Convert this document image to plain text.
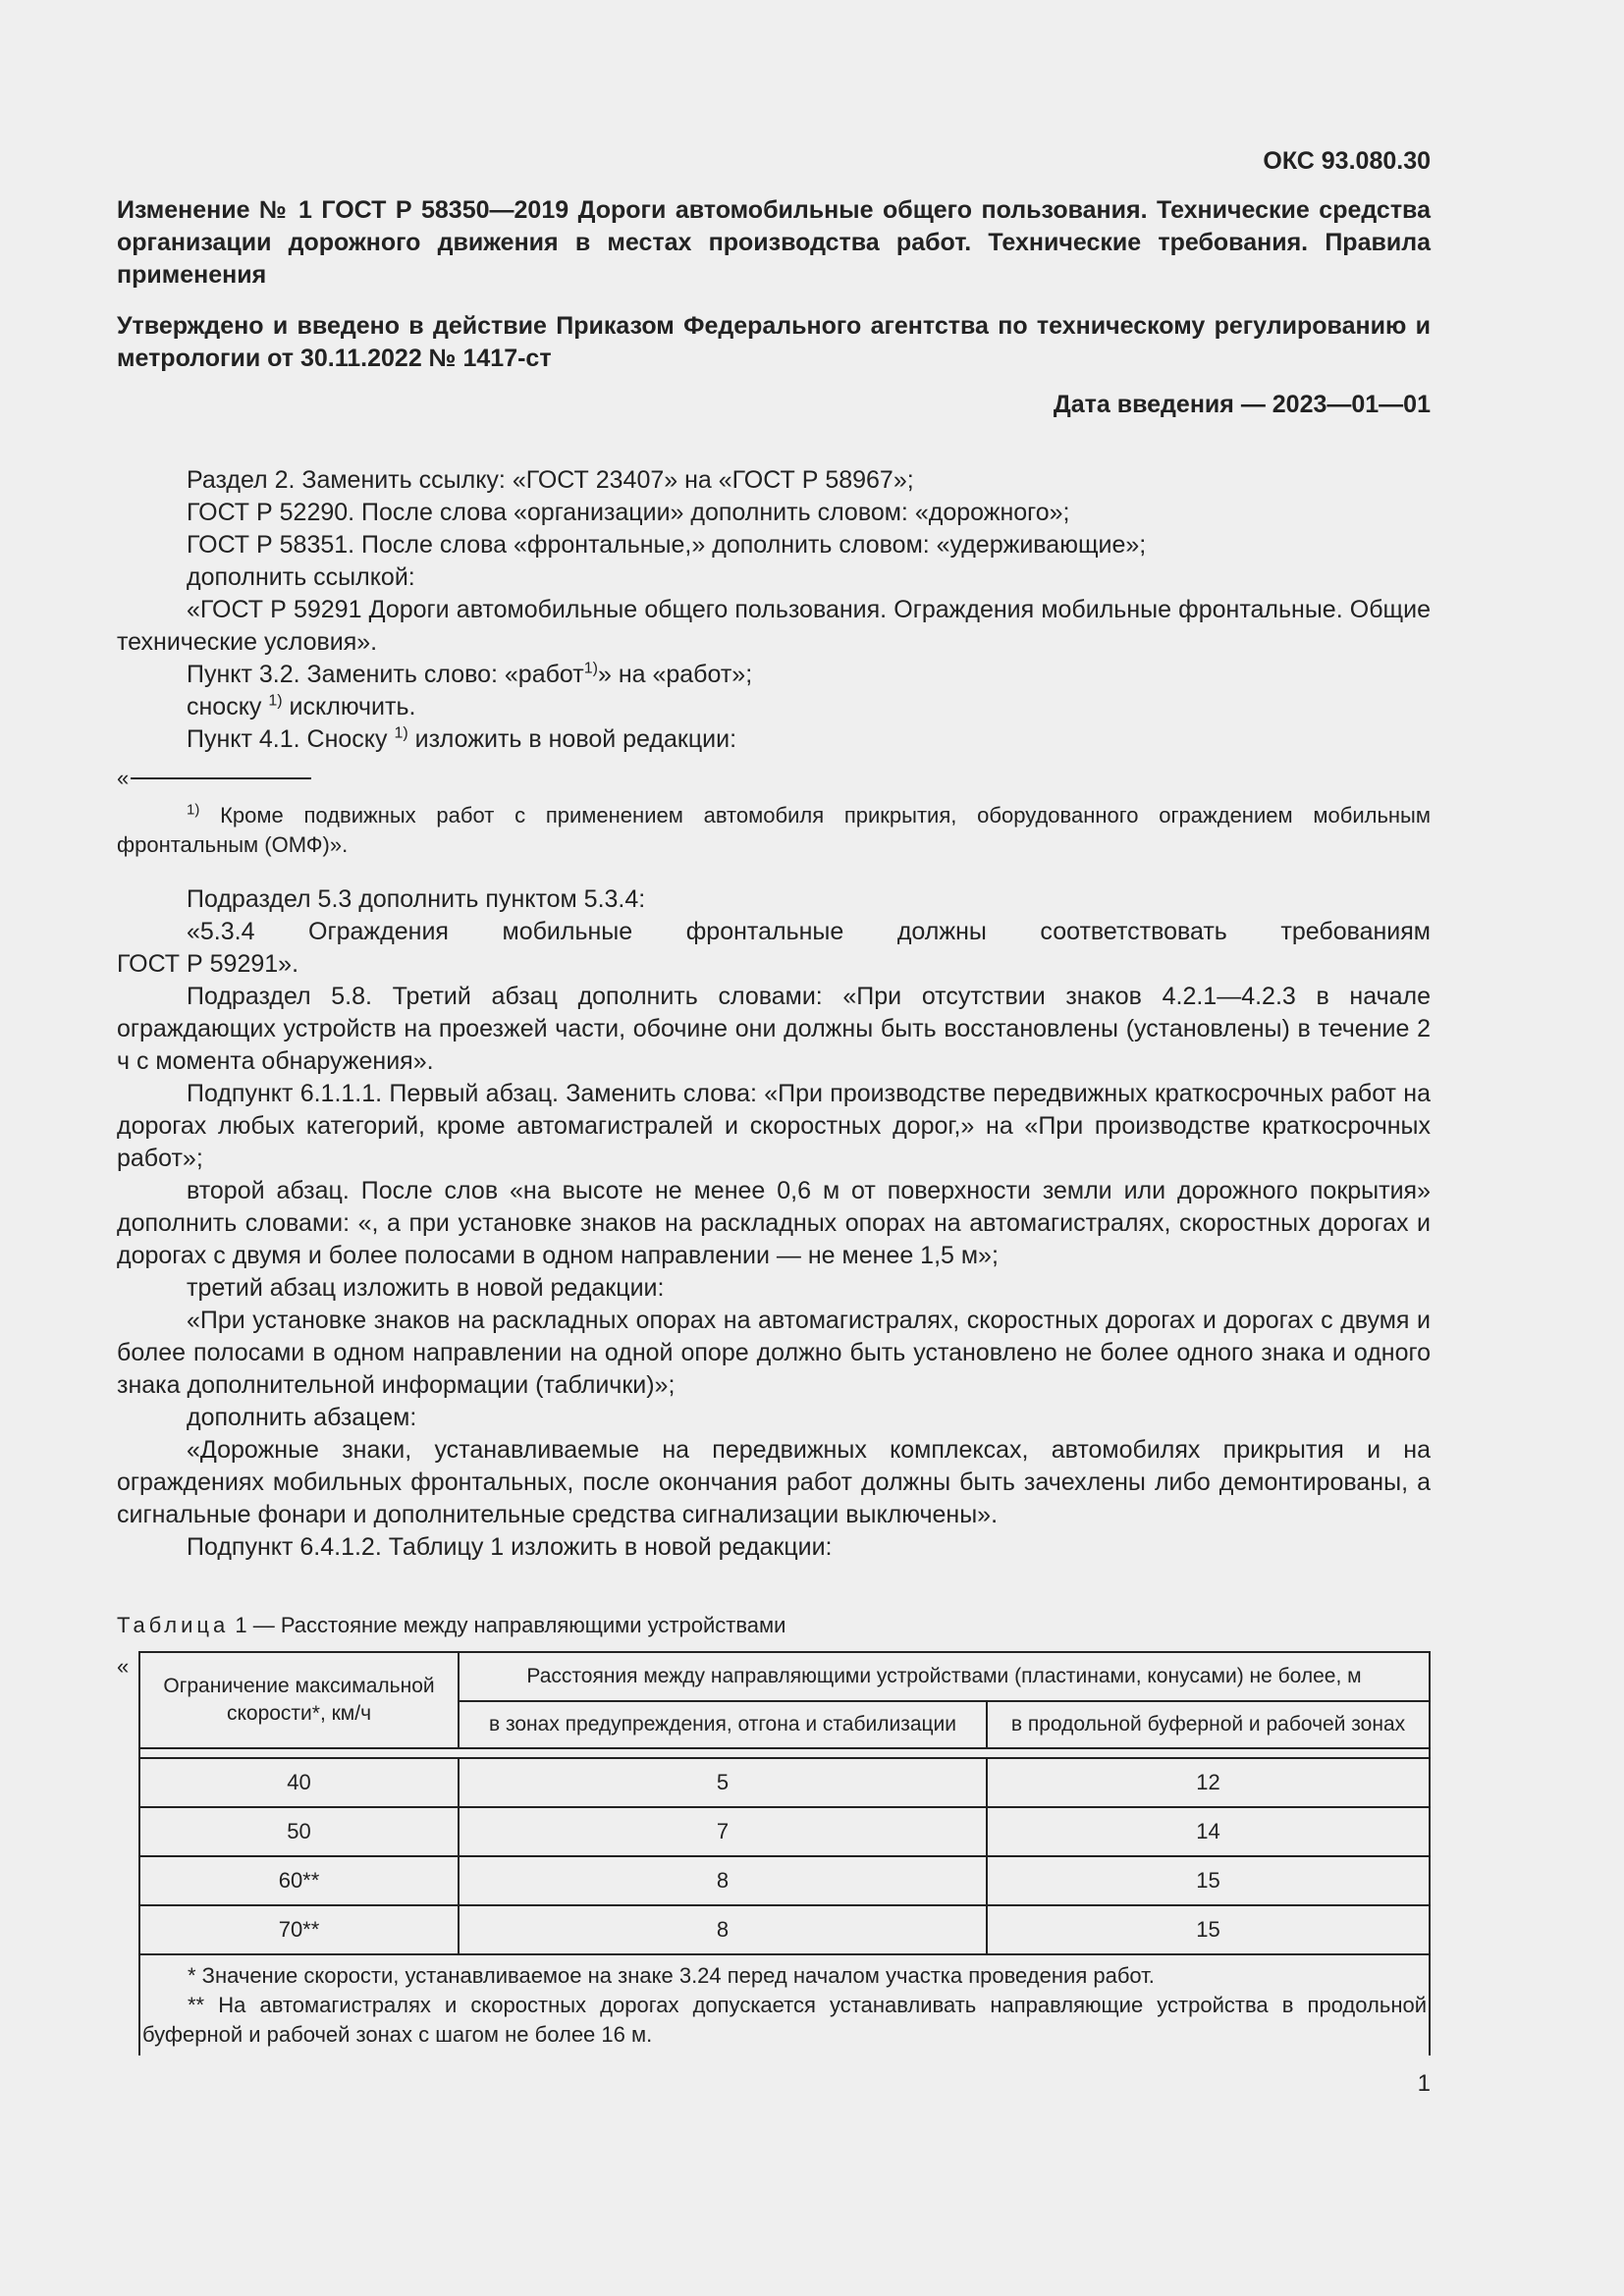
ОКС 93.080.30

Изменение № 1 ГОСТ Р 58350—2019 Дороги автомобильные общего пользования. Технические средства организации дорожного движения в местах производства работ. Технические требования. Правила применения

Утверждено и введено в действие Приказом Федерального агентства по техническому регулированию и метрологии от 30.11.2022 № 1417-ст

Дата введения — 2023—01—01

Раздел 2. Заменить ссылку: «ГОСТ 23407» на «ГОСТ Р 58967»;

ГОСТ Р 52290. После слова «организации» дополнить словом: «дорожного»;

ГОСТ Р 58351. После слова «фронтальные,» дополнить словом: «удерживающие»;

дополнить ссылкой:

«ГОСТ Р 59291 Дороги автомобильные общего пользования. Ограждения мобильные фронтальные. Общие технические условия».

Пункт 3.2. Заменить слово: «работ$^{1)}$» на «работ»;

сноску $^{1)}$ исключить.

Пункт 4.1. Сноску $^{1)}$ изложить в новой редакции:

«

$^{1)}$ Кроме подвижных работ с применением автомобиля прикрытия, оборудованного ограждением мобильным фронтальным (ОМФ)».

Подраздел 5.3 дополнить пунктом 5.3.4:

«5.3.4 Ограждения мобильные фронтальные должны соответствовать требованиям

ГОСТ Р 59291».

Подраздел 5.8. Третий абзац дополнить словами: «При отсутствии знаков 4.2.1—4.2.3 в начале ограждающих устройств на проезжей части, обочине они должны быть восстановлены (установлены) в течение 2 ч с момента обнаружения».

Подпункт 6.1.1.1. Первый абзац. Заменить слова: «При производстве передвижных краткосрочных работ на дорогах любых категорий, кроме автомагистралей и скоростных дорог,» на «При производстве краткосрочных работ»;

второй абзац. После слов «на высоте не менее 0,6 м от поверхности земли или дорожного покрытия» дополнить словами: «, а при установке знаков на раскладных опорах на автомагистралях, скоростных дорогах и дорогах с двумя и более полосами в одном направлении — не менее 1,5 м»;

третий абзац изложить в новой редакции:

«При установке знаков на раскладных опорах на автомагистралях, скоростных дорогах и дорогах с двумя и более полосами в одном направлении на одной опоре должно быть установлено не более одного знака и одного знака дополнительной информации (таблички)»;

дополнить абзацем:

«Дорожные знаки, устанавливаемые на передвижных комплексах, автомобилях прикрытия и на ограждениях мобильных фронтальных, после окончания работ должны быть зачехлены либо демонтированы, а сигнальные фонари и дополнительные средства сигнализации выключены».

Подпункт 6.4.1.2. Таблицу 1 изложить в новой редакции:

Таблица 1 — Расстояние между направляющими устройствами

«
Ограничение максимальной скорости*, км/ч	Расстояния между направляющими устройствами (пластинами, конусами) не более, м	
	в зонах предупреждения, отгона и стабилизации	в продольной буферной и рабочей зонах

40	5	12
50	7	14
60**	8	15
70**	8	15

* Значение скорости, устанавливаемое на знаке 3.24 перед началом участка проведения работ.

** На автомагистралях и скоростных дорогах допускается устанавливать направляющие устройства в продольной буферной и рабочей зонах с шагом не более 16 м.		

1
